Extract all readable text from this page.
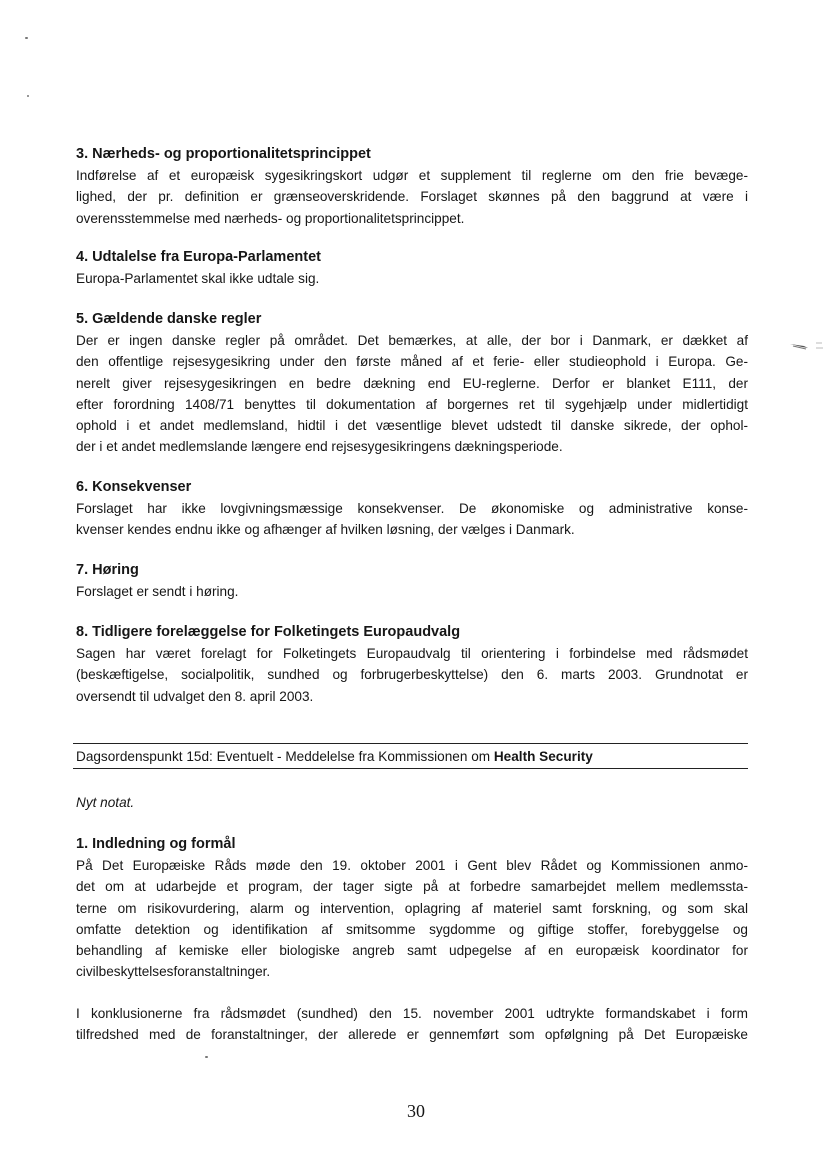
3. Nærheds- og proportionalitetsprincippet

Indførelse af et europæisk sygesikringskort udgør et supplement til reglerne om den frie bevæge-

lighed, der pr. definition er grænseoverskridende. Forslaget skønnes på den baggrund at være i

overensstemmelse med nærheds- og proportionalitetsprincippet.

4. Udtalelse fra Europa-Parlamentet

Europa-Parlamentet skal ikke udtale sig.

5. Gældende danske regler

Der er ingen danske regler på området. Det bemærkes, at alle, der bor i Danmark, er dækket af

den offentlige rejsesygesikring under den første måned af et ferie- eller studieophold i Europa. Ge-

nerelt giver rejsesygesikringen en bedre dækning end EU-reglerne. Derfor er blanket E111, der

efter forordning 1408/71 benyttes til dokumentation af borgernes ret til sygehjælp under midlertidigt

ophold i et andet medlemsland, hidtil i det væsentlige blevet udstedt til danske sikrede, der ophol-

der i et andet medlemslande længere end rejsesygesikringens dækningsperiode.

6. Konsekvenser

Forslaget har ikke lovgivningsmæssige konsekvenser. De økonomiske og administrative konse-

kvenser kendes endnu ikke og afhænger af hvilken løsning, der vælges i Danmark.

7. Høring

Forslaget er sendt i høring.

8. Tidligere forelæggelse for Folketingets Europaudvalg

Sagen har været forelagt for Folketingets Europaudvalg til orientering i forbindelse med rådsmødet

(beskæftigelse, socialpolitik, sundhed og forbrugerbeskyttelse) den 6. marts 2003. Grundnotat er

oversendt til udvalget den 8. april 2003.

Dagsordenspunkt 15d: Eventuelt - Meddelelse fra Kommissionen om Health Security

Nyt notat.

1. Indledning og formål

På Det Europæiske Råds møde den 19. oktober 2001 i Gent blev Rådet og Kommissionen anmo-

det om at udarbejde et program, der tager sigte på at forbedre samarbejdet mellem medlemssta-

terne om risikovurdering, alarm og intervention, oplagring af materiel samt forskning, og som skal

omfatte detektion og identifikation af smitsomme sygdomme og giftige stoffer, forebyggelse og

behandling af kemiske eller biologiske angreb samt udpegelse af en europæisk koordinator for

civilbeskyttelsesforanstaltninger.

I konklusionerne fra rådsmødet (sundhed) den 15. november 2001 udtrykte formandskabet i form

tilfredshed med de foranstaltninger, der allerede er gennemført som opfølgning på Det Europæiske

30
